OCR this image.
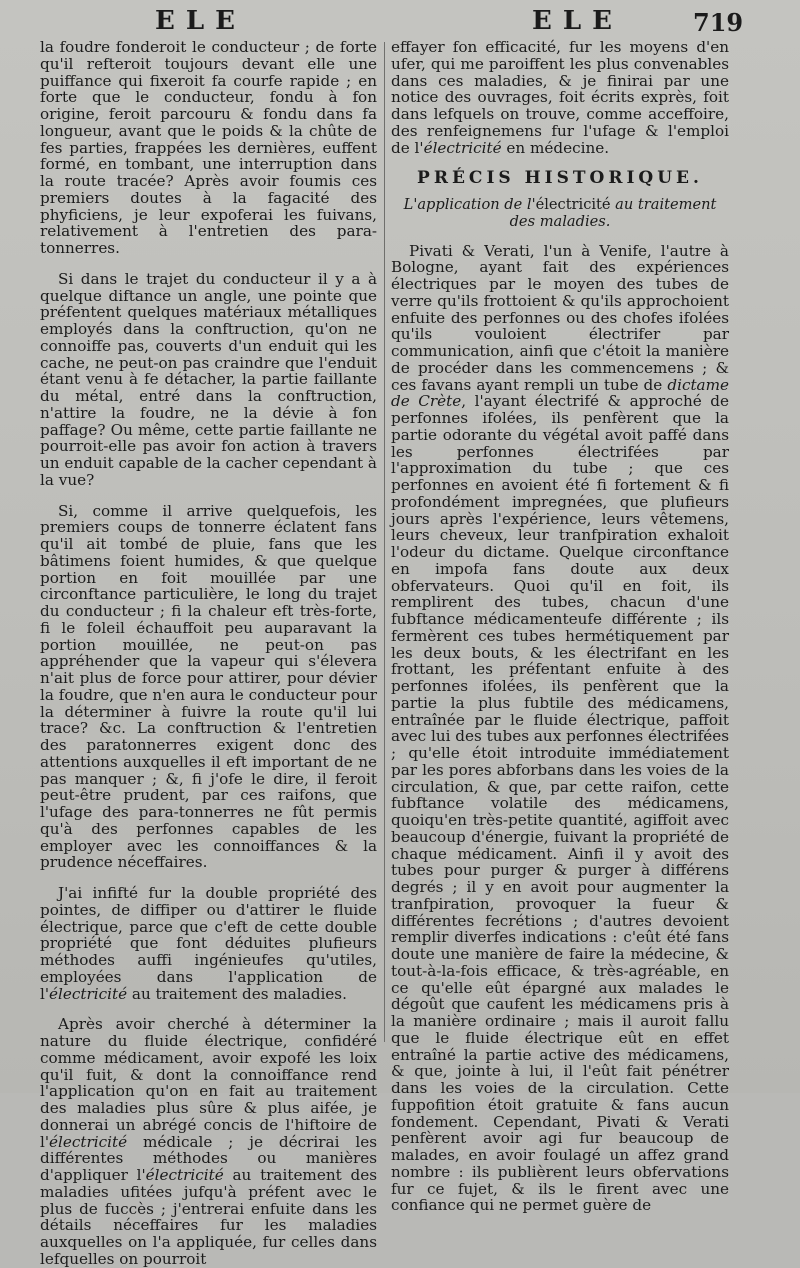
ELE	ELE	719

la foudre fonderoit le conducteur ; de forte qu'il refteroit toujours devant elle une puiffance qui fixeroit fa courfe rapide ; en forte que le conducteur, fondu à fon origine, feroit parcouru & fondu dans fa longueur, avant que le poids & la chûte de fes parties, frappées les dernières, euffent formé, en tombant, une interruption dans la route tracée? Après avoir foumis ces premiers doutes à la fagacité des phyficiens, je leur expoferai les fuivans, relativement à l'entretien des para-tonnerres.

Si dans le trajet du conducteur il y a à quelque diftance un angle, une pointe que préfentent quelques matériaux métalliques employés dans la conftruction, qu'on ne connoiffe pas, couverts d'un enduit qui les cache, ne peut-on pas craindre que l'enduit étant venu à fe détacher, la partie faillante du métal, entré dans la conftruction, n'attire la foudre, ne la dévie à fon paffage? Ou même, cette partie faillante ne pourroit-elle pas avoir fon action à travers un enduit capable de la cacher cependant à la vue?

Si, comme il arrive quelquefois, les premiers coups de tonnerre éclatent fans qu'il ait tombé de pluie, fans que les bâtimens foient humides, & que quelque portion en foit mouillée par une circonftance particulière, le long du trajet du conducteur ; fi la chaleur eft très-forte, fi le foleil échauffoit peu auparavant la portion mouillée, ne peut-on pas appréhender que la vapeur qui s'élevera n'ait plus de force pour attirer, pour dévier la foudre, que n'en aura le conducteur pour la déterminer à fuivre la route qu'il lui trace? &c. La conftruction & l'entretien des paratonnerres exigent donc des attentions auxquelles il eft important de ne pas manquer ; &, fi j'ofe le dire, il feroit peut-être prudent, par ces raifons, que l'ufage des para-tonnerres ne fût permis qu'à des perfonnes capables de les employer avec les connoiffances & la prudence néceffaires.

J'ai infifté fur la double propriété des pointes, de diffiper ou d'attirer le fluide électrique, parce que c'eft de cette double propriété que font déduites plufieurs méthodes auffi ingénieufes qu'utiles, employées dans l'application de l'électricité au traitement des maladies.

Après avoir cherché à déterminer la nature du fluide électrique, confidéré comme médicament, avoir expofé les loix qu'il fuit, & dont la connoiffance rend l'application qu'on en fait au traitement des maladies plus sûre & plus aifée, je donnerai un abrégé concis de l'hiftoire de l'électricité médicale ; je décrirai les différentes méthodes ou manières d'appliquer l'électricité au traitement des maladies ufitées jufqu'à préfent avec le plus de fuccès ; j'entrerai enfuite dans les détails néceffaires fur les maladies auxquelles on l'a appliquée, fur celles dans lefquelles on pourroit

effayer fon efficacité, fur les moyens d'en ufer, qui me paroiffent les plus convenables dans ces maladies, & je finirai par une notice des ouvrages, foit écrits exprès, foit dans lefquels on trouve, comme acceffoire, des renfeignemens fur l'ufage & l'emploi de l'électricité en médecine.

PRÉCIS HISTORIQUE.
L'application de l'électricité au traitement des maladies.

Pivati & Verati, l'un à Venife, l'autre à Bologne, ayant fait des expériences électriques par le moyen des tubes de verre qu'ils frottoient & qu'ils approchoient enfuite des perfonnes ou des chofes ifolées qu'ils vouloient électrifer par communication, ainfi que c'étoit la manière de procéder dans les commencemens ; & ces favans ayant rempli un tube de dictame de Crète, l'ayant électrifé & approché de perfonnes ifolées, ils penfèrent que la partie odorante du végétal avoit paffé dans les perfonnes électrifées par l'approximation du tube ; que ces perfonnes en avoient été fi fortement & fi profondément impregnées, que plufieurs jours après l'expérience, leurs vêtemens, leurs cheveux, leur tranfpiration exhaloit l'odeur du dictame. Quelque circonftance en impofa fans doute aux deux obfervateurs. Quoi qu'il en foit, ils remplirent des tubes, chacun d'une fubftance médicamenteufe différente ; ils fermèrent ces tubes hermétiquement par les deux bouts, & les électrifant en les frottant, les préfentant enfuite à des perfonnes ifolées, ils penfèrent que la partie la plus fubtile des médicamens, entraînée par le fluide électrique, paffoit avec lui des tubes aux perfonnes électrifées ; qu'elle étoit introduite immédiatement par les pores abforbans dans les voies de la circulation, & que, par cette raifon, cette fubftance volatile des médicamens, quoiqu'en très-petite quantité, agiffoit avec beaucoup d'énergie, fuivant la propriété de chaque médicament. Ainfi il y avoit des tubes pour purger & purger à différens degrés ; il y en avoit pour augmenter la tranfpiration, provoquer la fueur & différentes fecrétions ; d'autres devoient remplir diverfes indications : c'eût été fans doute une manière de faire la médecine, & tout-à-la-fois efficace, & très-agréable, en ce qu'elle eût épargné aux malades le dégoût que caufent les médicamens pris à la manière ordinaire ; mais il auroit fallu que le fluide électrique eût en effet entraîné la partie active des médicamens, & que, jointe à lui, il l'eût fait pénétrer dans les voies de la circulation. Cette fuppofition étoit gratuite & fans aucun fondement. Cependant, Pivati & Verati penfèrent avoir agi fur beaucoup de malades, en avoir foulagé un affez grand nombre : ils publièrent leurs obfervations fur ce fujet, & ils le firent avec une confiance qui ne permet guère de
